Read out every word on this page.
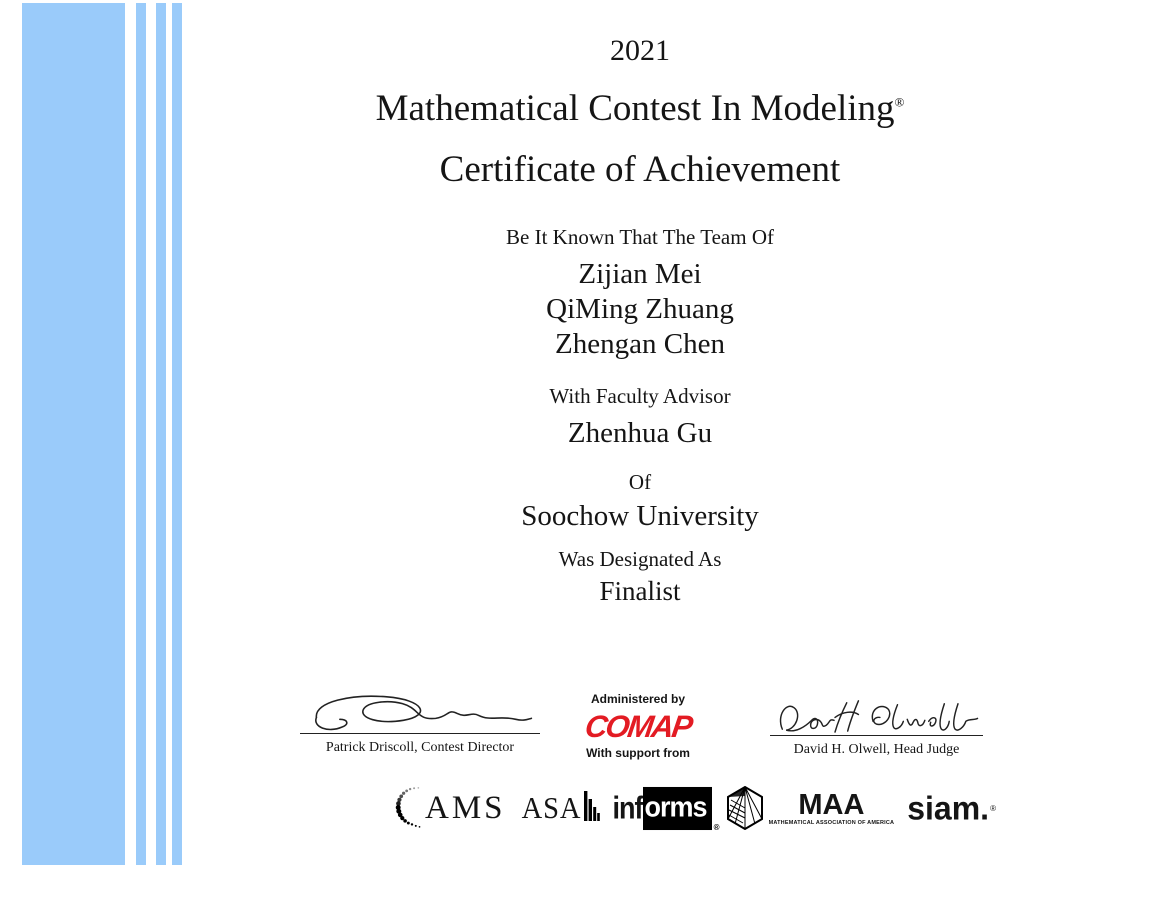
2021
Mathematical Contest In Modeling®
Certificate of Achievement

Be It Known That The Team Of

Zijian Mei
QiMing Zhuang
Zhengan Chen

With Faculty Advisor

Zhenhua Gu

Of

Soochow University

Was Designated As

Finalist
Patrick Driscoll, Contest Director
Administered by
COMAP
With support from	David H. Olwell, Head Judge
AMS ASA inf orms
®
MAA
MATHEMATICAL ASSOCIATION OF AMERICA siam. ®
